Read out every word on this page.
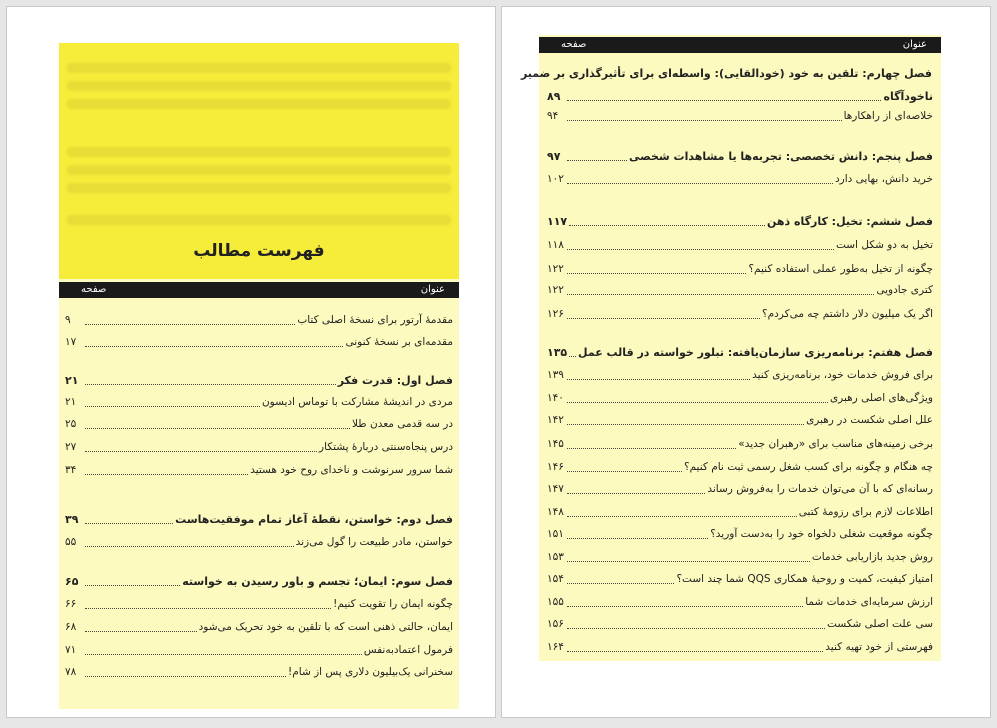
فهرست مطالب
عنوان
صفحه
مقدمهٔ آرتور برای نسخهٔ اصلی کتاب
۹
مقدمه‌ای بر نسخهٔ کنونی
۱۷
فصل اول: قدرت فکر
۲۱
مردی در اندیشهٔ مشارکت با توماس ادیسون
۲۱
در سه قدمی معدن طلا
۲۵
درس پنجاه‌سنتی دربارهٔ پشتکار
۲۷
شما سرور سرنوشت و ناخدای روح خود هستید
۳۴
فصل دوم: خواستن، نقطهٔ آغاز تمام موفقیت‌هاست
۳۹
خواستن، مادر طبیعت را گول می‌زند
۵۵
فصل سوم: ایمان؛ تجسم و باور رسیدن به خواسته
۶۵
چگونه ایمان را تقویت کنیم!
۶۶
ایمان، حالتی ذهنی است که با تلقین به خود تحریک می‌شود
۶۸
فرمول اعتمادبه‌نفس
۷۱
سخنرانی یک‌بیلیون دلاری پس از شام!
۷۸
عنوان
صفحه
فصل چهارم: تلقین به خود (خودالقایی): واسطه‌ای برای تأثیرگذاری بر ضمیر
ناخودآگاه
۸۹
خلاصه‌ای از راهکارها
۹۴
فصل پنجم: دانش تخصصی: تجربه‌ها یا مشاهدات شخصی
۹۷
خرید دانش، بهایی دارد
۱۰۲
فصل ششم: تخیل: کارگاه ذهن
۱۱۷
تخیل به دو شکل است
۱۱۸
چگونه از تخیل به‌طور عملی استفاده کنیم؟
۱۲۲
کتری جادویی
۱۲۲
اگر یک میلیون دلار داشتم چه می‌کردم؟
۱۲۶
فصل هفتم: برنامه‌ریزی سازمان‌یافته: تبلور خواسته در قالب عمل
۱۳۵
برای فروش خدمات خود، برنامه‌ریزی کنید
۱۳۹
ویژگی‌های اصلی رهبری
۱۴۰
علل اصلی شکست در رهبری
۱۴۲
برخی زمینه‌های مناسب برای «رهبران جدید»
۱۴۵
چه هنگام و چگونه برای کسب شغل رسمی ثبت نام کنیم؟
۱۴۶
رسانه‌ای که با آن می‌توان خدمات را به‌فروش رساند
۱۴۷
اطلاعات لازم برای رزومهٔ کتبی
۱۴۸
چگونه موقعیت شغلی دلخواه خود را به‌دست آورید؟
۱۵۱
روش جدید بازاریابی خدمات
۱۵۳
امتیاز کیفیت، کمیت و روحیهٔ همکاری QQS شما چند است؟
۱۵۴
ارزش سرمایه‌ای خدمات شما
۱۵۵
سی علت اصلی شکست
۱۵۶
فهرستی از خود تهیه کنید
۱۶۴
